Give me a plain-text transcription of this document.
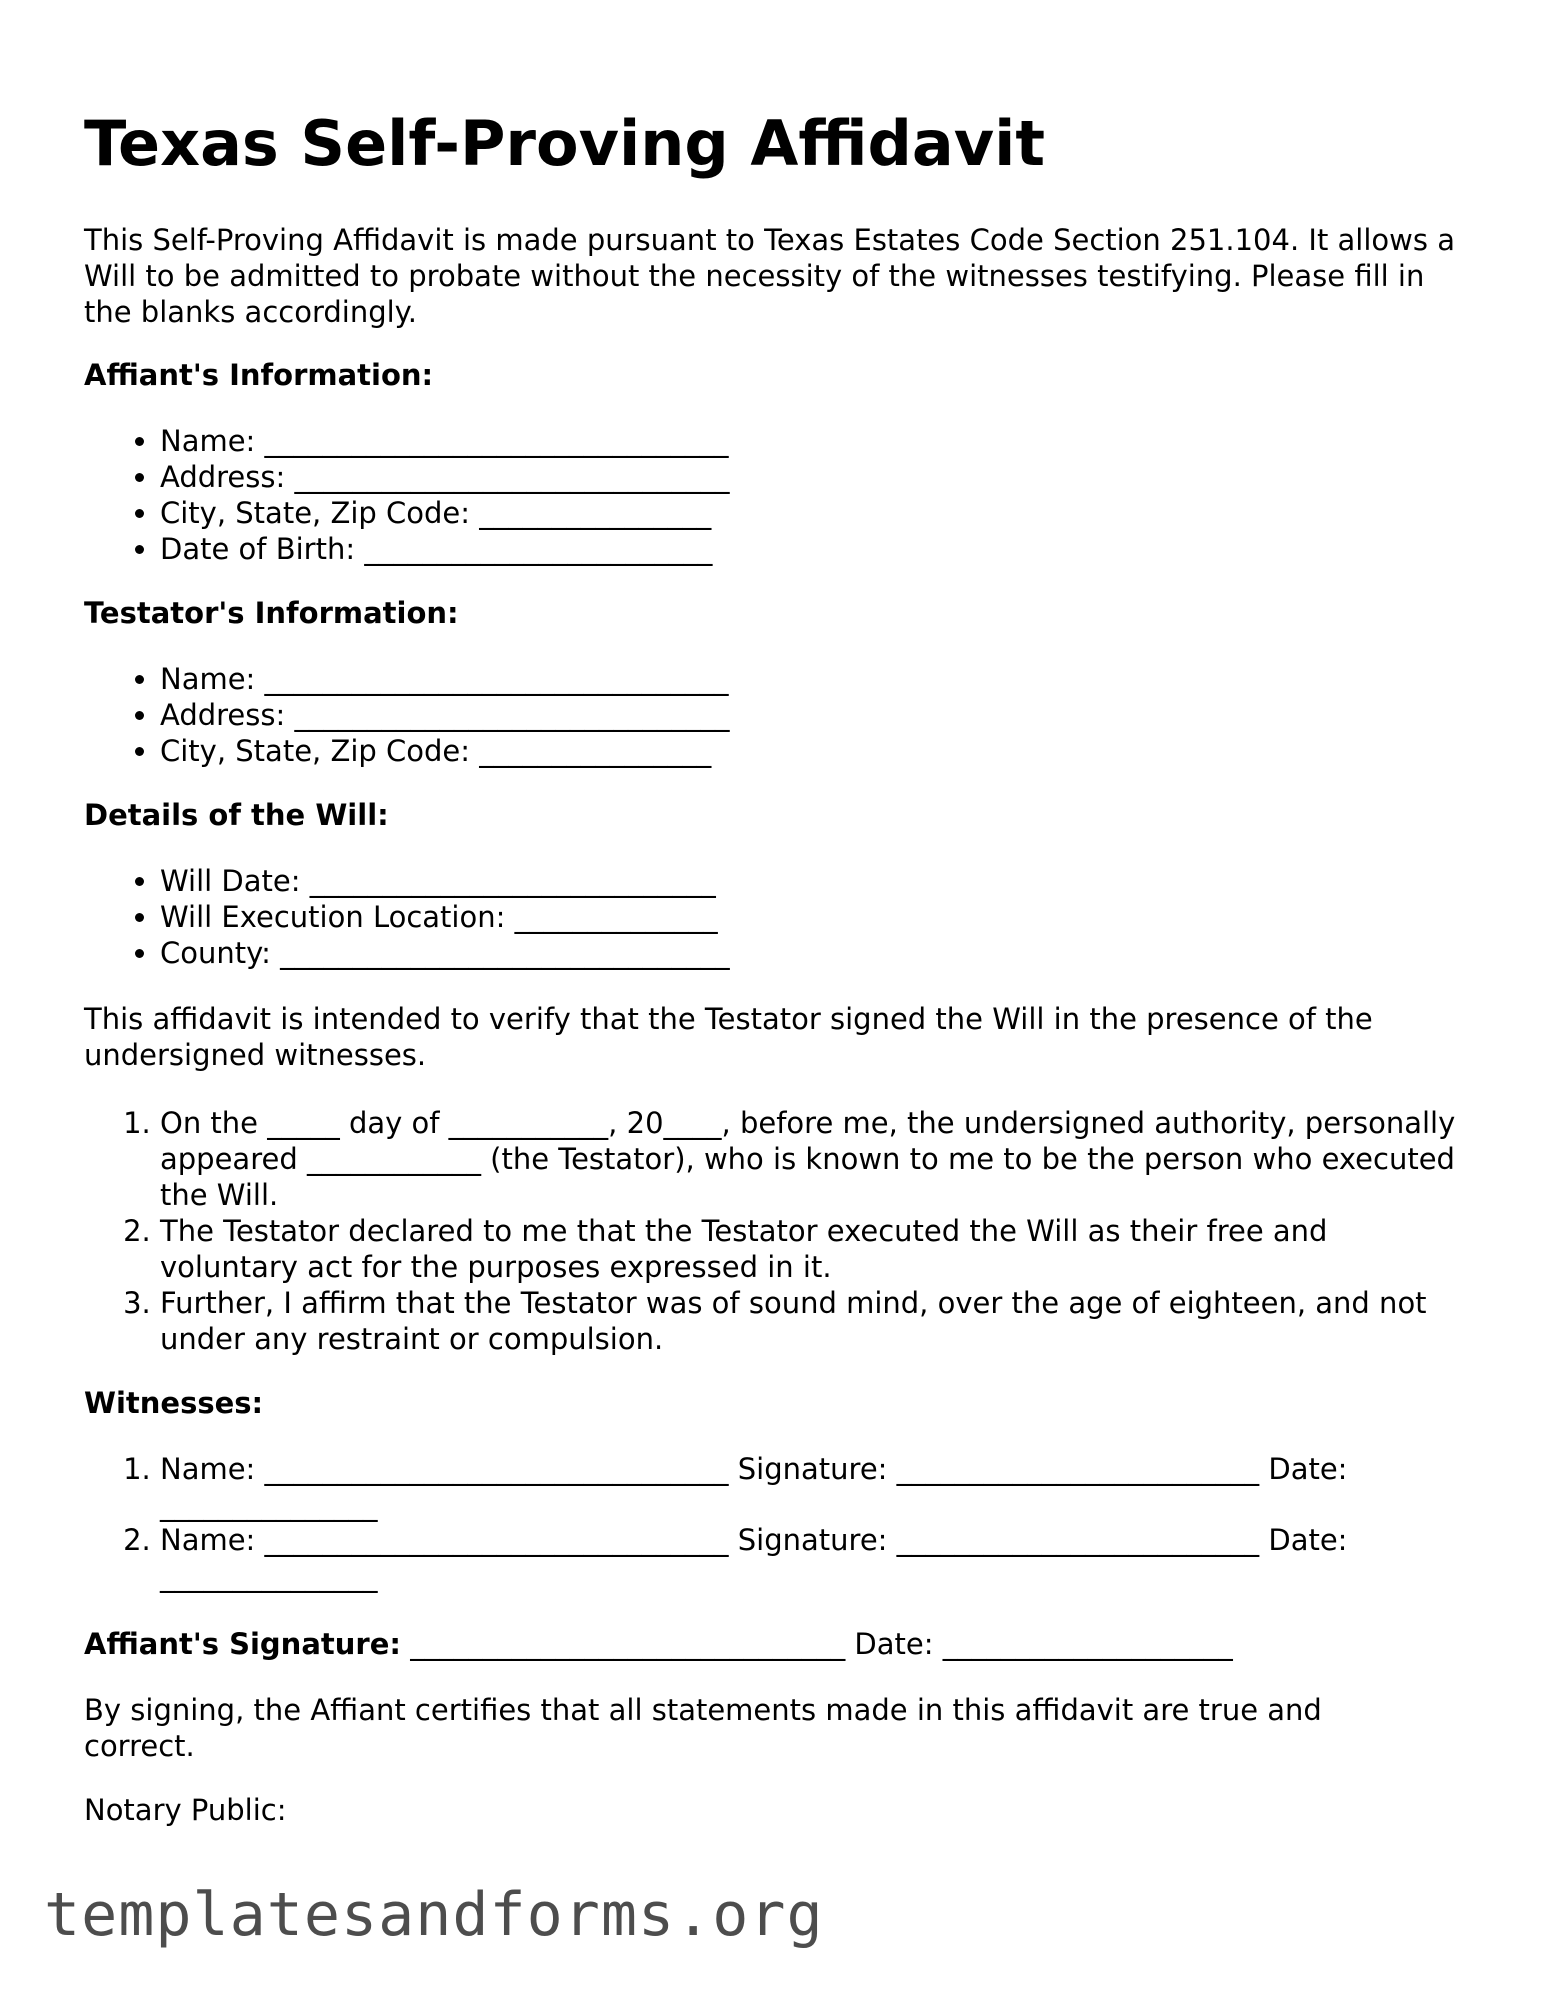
Texas Self-Proving Affidavit

This Self-Proving Affidavit is made pursuant to Texas Estates Code Section 251.104. It allows a Will to be admitted to probate without the necessity of the witnesses testifying. Please fill in the blanks accordingly.

Affiant's Information:

• Name: ________________________________
• Address: ______________________________
• City, State, Zip Code: ________________
• Date of Birth: ________________________

Testator's Information:

• Name: ________________________________
• Address: ______________________________
• City, State, Zip Code: ________________

Details of the Will:

• Will Date: ____________________________
• Will Execution Location: ______________
• County: _______________________________

This affidavit is intended to verify that the Testator signed the Will in the presence of the undersigned witnesses.

1. On the _____ day of ___________, 20____, before me, the undersigned authority, personally appeared ____________ (the Testator), who is known to me to be the person who executed the Will.
2. The Testator declared to me that the Testator executed the Will as their free and voluntary act for the purposes expressed in it.
3. Further, I affirm that the Testator was of sound mind, over the age of eighteen, and not under any restraint or compulsion.

Witnesses:

1. Name: ________________________________ Signature: _________________________ Date: _______________
2. Name: ________________________________ Signature: _________________________ Date: _______________

Affiant's Signature: ______________________________ Date: ____________________

By signing, the Affiant certifies that all statements made in this affidavit are true and correct.

Notary Public:

templatesandforms.org
